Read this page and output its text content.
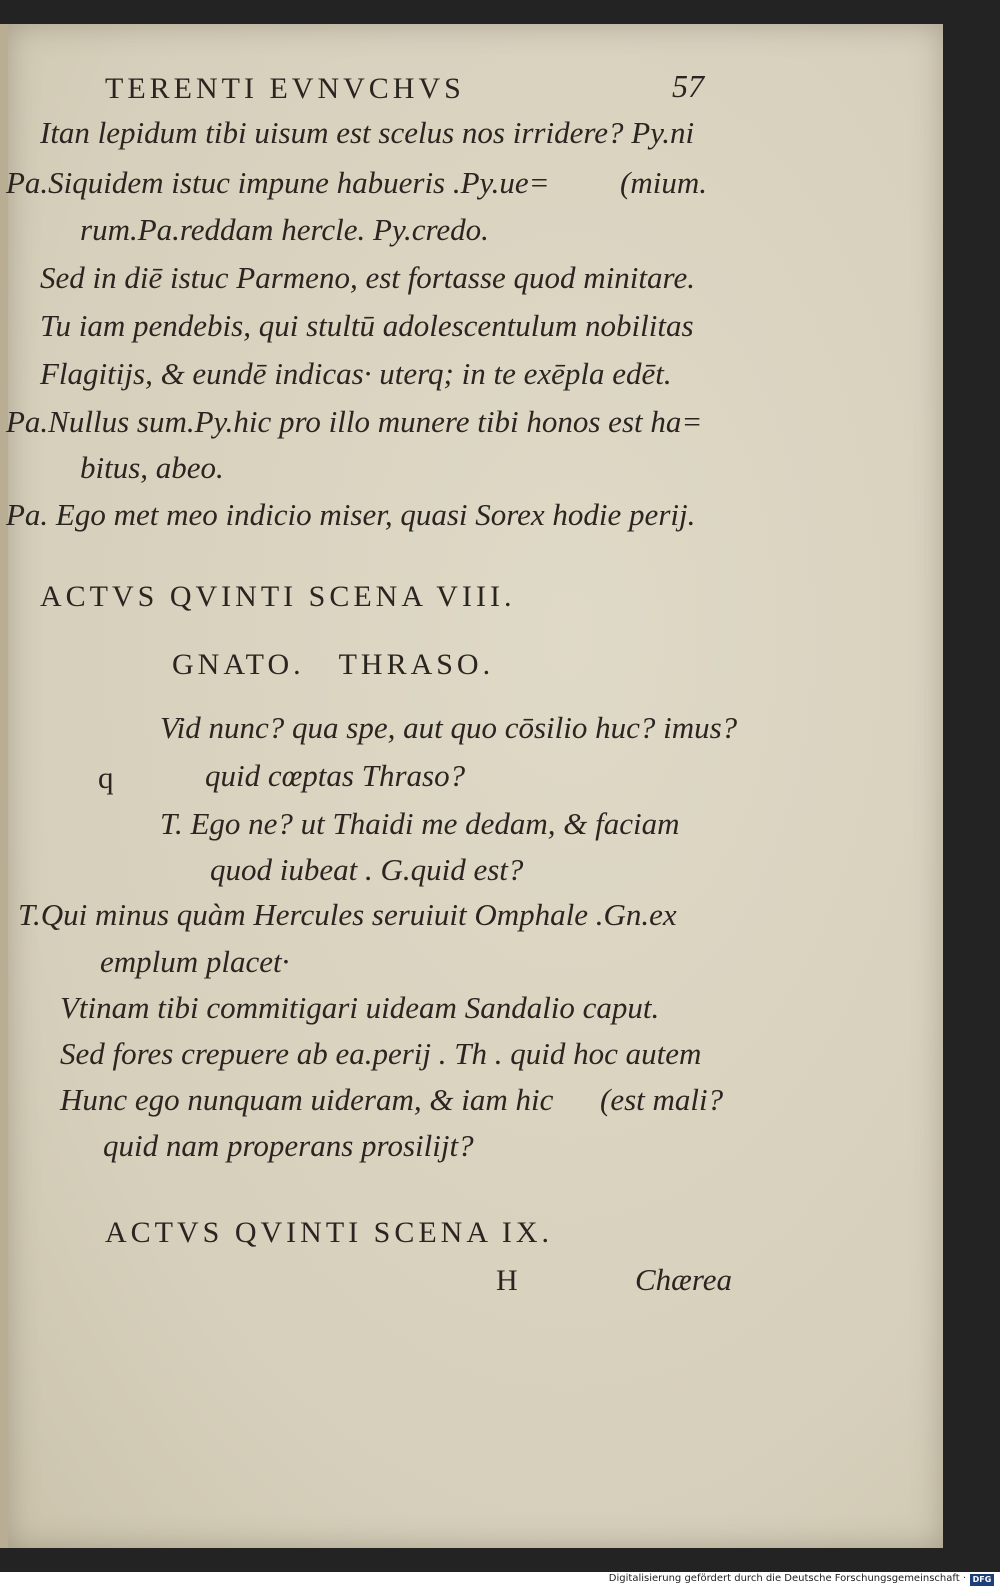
TERENTI EVNVCHVS	57
Itan lepidum tibi uisum est scelus nos irridere? Py.ni
Pa.Siquidem istuc impune habueris .Py.ue= (mium.
rum.Pa.reddam hercle. Py.credo.
Sed in diē istuc Parmeno, est fortasse quod minitare.
Tu iam pendebis, qui stultū adolescentulum nobilitas
Flagitijs, & eundē indicas· uterq; in te exēpla edēt.
Pa.Nullus sum.Py.hic pro illo munere tibi honos est ha=
bitus, abeo.
Pa. Ego met meo indicio miser, quasi Sorex hodie perij.
ACTVS QVINTI SCENA VIII.
GNATO.   THRASO.
q
Vid nunc? qua spe, aut quo cōsilio huc? imus?
quid cœptas Thraso?
T. Ego ne? ut Thaidi me dedam, & faciam
quod iubeat . G.quid est?
T.Qui minus quàm Hercules seruiuit Omphale .Gn.ex
emplum placet·
Vtinam tibi commitigari uideam Sandalio caput.
Sed fores crepuere ab ea.perij . Th . quid hoc autem
Hunc ego nunquam uideram, & iam hic (est mali?
quid nam properans prosilijt?
ACTVS QVINTI SCENA IX.
H	Chærea
Digitalisierung gefördert durch die Deutsche Forschungsgemeinschaft · DFG
